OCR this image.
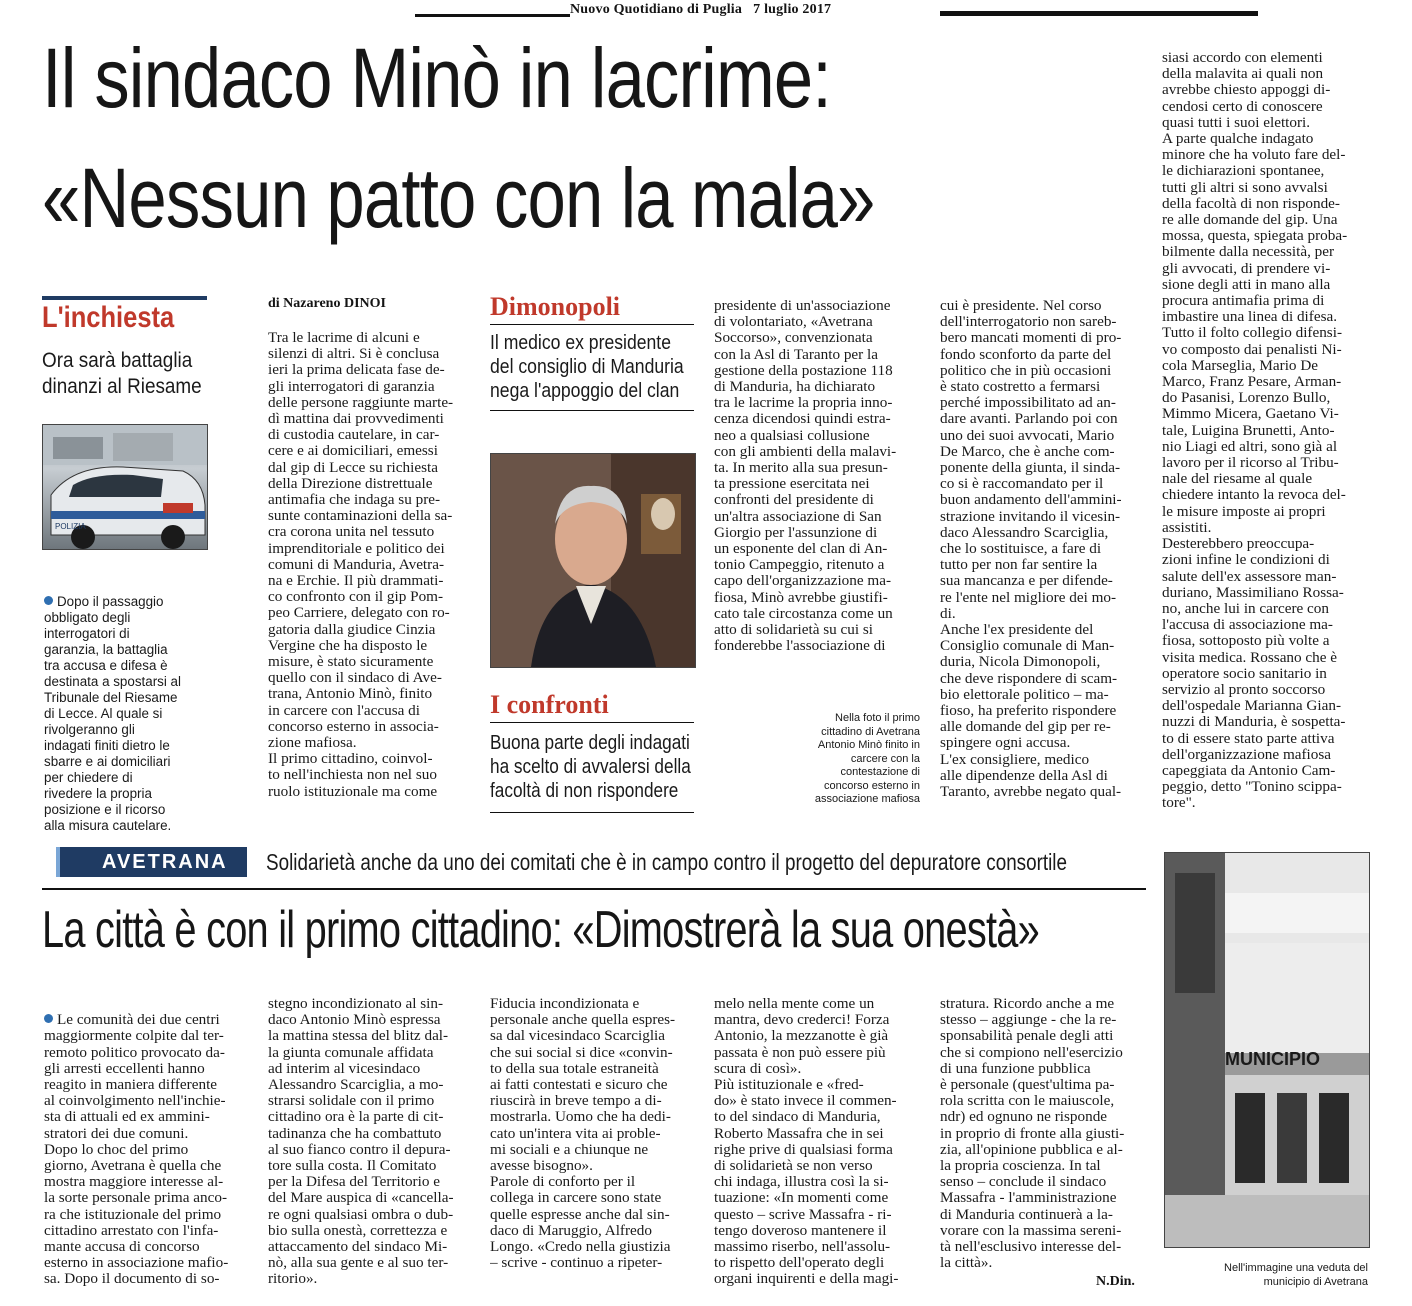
Nuovo Quotidiano di Puglia   7 luglio 2017
Il sindaco Minò in lacrime:
«Nessun patto con la mala»
L'inchiesta
Ora sarà battaglia
dinanzi al Riesame
POLIZIA

Dopo il passaggio
obbligato degli
interrogatori di
garanzia, la battaglia
tra accusa e difesa è
destinata a spostarsi al
Tribunale del Riesame
di Lecce. Al quale si
rivolgeranno gli
indagati finiti dietro le
sbarre e ai domiciliari
per chiedere di
rivedere la propria
posizione e il ricorso
alla misura cautelare.

di Nazareno DINOI
Tra le lacrime di alcuni e
silenzi di altri. Si è conclusa
ieri la prima delicata fase de-
gli interrogatori di garanzia
delle persone raggiunte marte-
dì mattina dai provvedimenti
di custodia cautelare, in car-
cere e ai domiciliari, emessi
dal gip di Lecce su richiesta
della Direzione distrettuale
antimafia che indaga su pre-
sunte contaminazioni della sa-
cra corona unita nel tessuto
imprenditoriale e politico dei
comuni di Manduria, Avetra-
na e Erchie. Il più drammati-
co confronto con il gip Pom-
peo Carriere, delegato con ro-
gatoria dalla giudice Cinzia
Vergine che ha disposto le
misure, è stato sicuramente
quello con il sindaco di Ave-
trana, Antonio Minò, finito
in carcere con l'accusa di
concorso esterno in associa-
zione mafiosa.
Il primo cittadino, coinvol-
to nell'inchiesta non nel suo
ruolo istituzionale ma come
Dimonopoli
Il medico ex presidente
del consiglio di Manduria
nega l'appoggio del clan
I confronti
Buona parte degli indagati
ha scelto di avvalersi della
facoltà di non rispondere
presidente di un'associazione
di volontariato, «Avetrana
Soccorso», convenzionata
con la Asl di Taranto per la
gestione della postazione 118
di Manduria, ha dichiarato
tra le lacrime la propria inno-
cenza dicendosi quindi estra-
neo a qualsiasi collusione
con gli ambienti della malavi-
ta. In merito alla sua presun-
ta pressione esercitata nei
confronti del presidente di
un'altra associazione di San
Giorgio per l'assunzione di
un esponente del clan di An-
tonio Campeggio, ritenuto a
capo dell'organizzazione ma-
fiosa, Minò avrebbe giustifi-
cato tale circostanza come un
atto di solidarietà su cui si
fonderebbe l'associazione di
Nella foto il primo
cittadino di Avetrana
Antonio Minò finito in
carcere con la
contestazione di
concorso esterno in
associazione mafiosa
cui è presidente. Nel corso
dell'interrogatorio non sareb-
bero mancati momenti di pro-
fondo sconforto da parte del
politico che in più occasioni
è stato costretto a fermarsi
perché impossibilitato ad an-
dare avanti. Parlando poi con
uno dei suoi avvocati, Mario
De Marco, che è anche com-
ponente della giunta, il sinda-
co si è raccomandato per il
buon andamento dell'ammini-
strazione invitando il vicesin-
daco Alessandro Scarciglia,
che lo sostituisce, a fare di
tutto per non far sentire la
sua mancanza e per difende-
re l'ente nel migliore dei mo-
di.
Anche l'ex presidente del
Consiglio comunale di Man-
duria, Nicola Dimonopoli,
che deve rispondere di scam-
bio elettorale politico – ma-
fioso, ha preferito rispondere
alle domande del gip per re-
spingere ogni accusa.
L'ex consigliere, medico
alle dipendenze della Asl di
Taranto, avrebbe negato qual-
siasi accordo con elementi
della malavita ai quali non
avrebbe chiesto appoggi di-
cendosi certo di conoscere
quasi tutti i suoi elettori.
A parte qualche indagato
minore che ha voluto fare del-
le dichiarazioni spontanee,
tutti gli altri si sono avvalsi
della facoltà di non risponde-
re alle domande del gip. Una
mossa, questa, spiegata proba-
bilmente dalla necessità, per
gli avvocati, di prendere vi-
sione degli atti in mano alla
procura antimafia prima di
imbastire una linea di difesa.
Tutto il folto collegio difensi-
vo composto dai penalisti Ni-
cola Marseglia, Mario De
Marco, Franz Pesare, Arman-
do Pasanisi, Lorenzo Bullo,
Mimmo Micera, Gaetano Vi-
tale, Luigina Brunetti, Anto-
nio Liagi ed altri, sono già al
lavoro per il ricorso al Tribu-
nale del riesame al quale
chiedere intanto la revoca del-
le misure imposte ai propri
assistiti.
Desterebbero preoccupa-
zioni infine le condizioni di
salute dell'ex assessore man-
duriano, Massimiliano Rossa-
no, anche lui in carcere con
l'accusa di associazione ma-
fiosa, sottoposto più volte a
visita medica. Rossano che è
operatore socio sanitario in
servizio al pronto soccorso
dell'ospedale Marianna Gian-
nuzzi di Manduria, è sospetta-
to di essere stato parte attiva
dell'organizzazione mafiosa
capeggiata da Antonio Cam-
peggio, detto "Tonino scippa-
tore".
AVETRANA Solidarietà anche da uno dei comitati che è in campo contro il progetto del depuratore consortile
La città è con il primo cittadino: «Dimostrerà la sua onestà»

Le comunità dei due centri
maggiormente colpite dal ter-
remoto politico provocato da-
gli arresti eccellenti hanno
reagito in maniera differente
al coinvolgimento nell'inchie-
sta di attuali ed ex ammini-
stratori dei due comuni.
Dopo lo choc del primo
giorno, Avetrana è quella che
mostra maggiore interesse al-
la sorte personale prima anco-
ra che istituzionale del primo
cittadino arrestato con l'infa-
mante accusa di concorso
esterno in associazione mafio-
sa. Dopo il documento di so-

stegno incondizionato al sin-
daco Antonio Minò espressa
la mattina stessa del blitz dal-
la giunta comunale affidata
ad interim al vicesindaco
Alessandro Scarciglia, a mo-
strarsi solidale con il primo
cittadino ora è la parte di cit-
tadinanza che ha combattuto
al suo fianco contro il depura-
tore sulla costa. Il Comitato
per la Difesa del Territorio e
del Mare auspica di «cancella-
re ogni qualsiasi ombra o dub-
bio sulla onestà, correttezza e
attaccamento del sindaco Mi-
nò, alla sua gente e al suo ter-
ritorio».
Fiducia incondizionata e
personale anche quella espres-
sa dal vicesindaco Scarciglia
che sui social si dice «convin-
to della sua totale estraneità
ai fatti contestati e sicuro che
riuscirà in breve tempo a di-
mostrarla. Uomo che ha dedi-
cato un'intera vita ai proble-
mi sociali e a chiunque ne
avesse bisogno».
Parole di conforto per il
collega in carcere sono state
quelle espresse anche dal sin-
daco di Maruggio, Alfredo
Longo. «Credo nella giustizia
– scrive - continuo a ripeter-
melo nella mente come un
mantra, devo crederci! Forza
Antonio, la mezzanotte è già
passata è non può essere più
scura di così».
Più istituzionale e «fred-
do» è stato invece il commen-
to del sindaco di Manduria,
Roberto Massafra che in sei
righe prive di qualsiasi forma
di solidarietà se non verso
chi indaga, illustra così la si-
tuazione: «In momenti come
questo – scrive Massafra - ri-
tengo doveroso mantenere il
massimo riserbo, nell'assolu-
to rispetto dell'operato degli
organi inquirenti e della magi-
stratura. Ricordo anche a me
stesso – aggiunge - che la re-
sponsabilità penale degli atti
che si compiono nell'esercizio
di una funzione pubblica
è personale (quest'ultima pa-
rola scritta con le maiuscole,
ndr) ed ognuno ne risponde
in proprio di fronte alla giusti-
zia, all'opinione pubblica e al-
la propria coscienza. In tal
senso – conclude il sindaco
Massafra - l'amministrazione
di Manduria continuerà a la-
vorare con la massima sereni-
tà nell'esclusivo interesse del-
la città».
N.Din.
MUNICIPIO
Nell'immagine una veduta del
municipio di Avetrana
